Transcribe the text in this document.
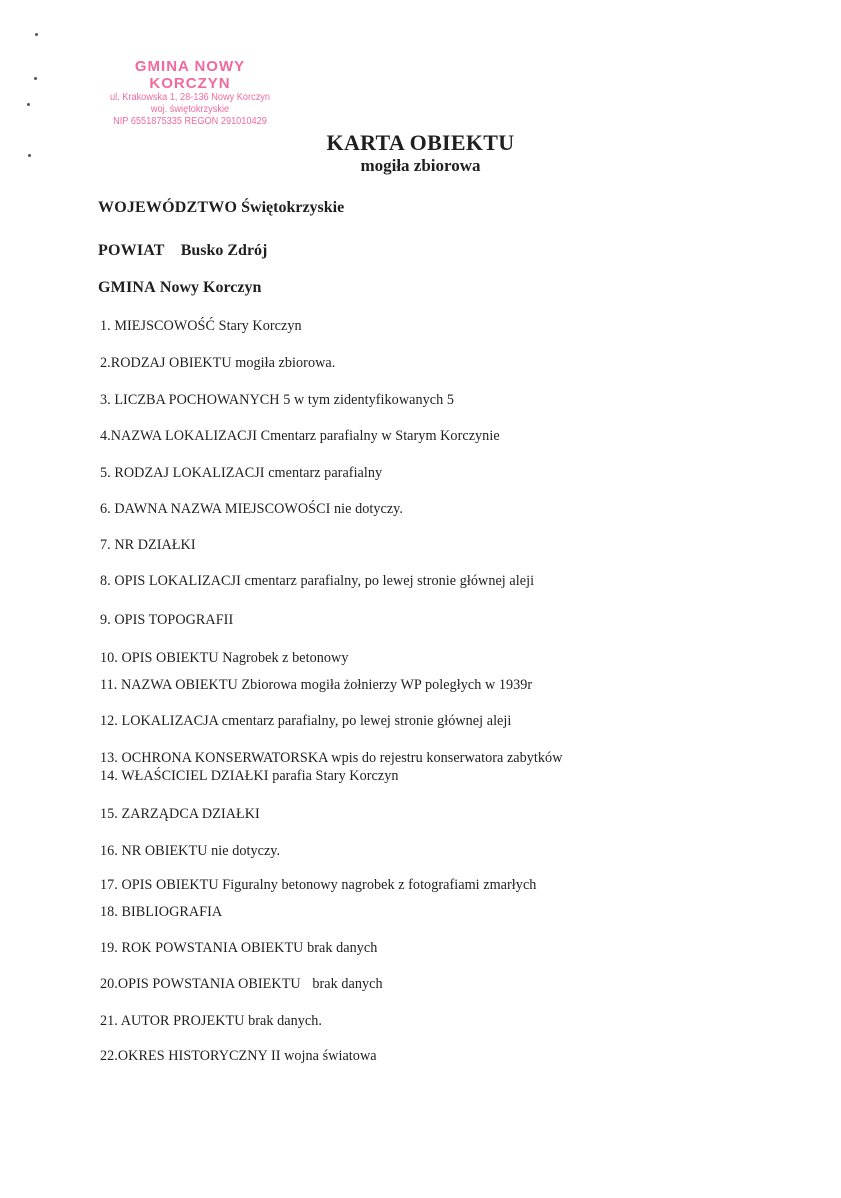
GMINA NOWY KORCZYN
ul. Krakowska 1, 28-136 Nowy Korczyn
woj. świętokrzyskie
NIP 6551875335 REGON 291010429
KARTA OBIEKTU
mogiła zbiorowa
WOJEWÓDZTWO Świętokrzyskie
POWIAT Busko Zdrój
GMINA Nowy Korczyn
1. MIEJSCOWOŚĆ Stary Korczyn
2.RODZAJ OBIEKTU mogiła zbiorowa.
3. LICZBA POCHOWANYCH 5 w tym zidentyfikowanych 5
4.NAZWA LOKALIZACJI Cmentarz parafialny w Starym Korczynie
5. RODZAJ LOKALIZACJI cmentarz parafialny
6. DAWNA NAZWA MIEJSCOWOŚCI nie dotyczy.
7. NR DZIAŁKI
8. OPIS LOKALIZACJI cmentarz parafialny, po lewej stronie głównej aleji
9. OPIS TOPOGRAFII
10. OPIS OBIEKTU Nagrobek z betonowy
11. NAZWA OBIEKTU Zbiorowa mogiła żołnierzy WP poległych w 1939r
12. LOKALIZACJA cmentarz parafialny, po lewej stronie głównej aleji
13. OCHRONA KONSERWATORSKA wpis do rejestru konserwatora zabytków
14. WŁAŚCICIEL DZIAŁKI parafia Stary Korczyn
15. ZARZĄDCA DZIAŁKI
16. NR OBIEKTU nie dotyczy.
17. OPIS OBIEKTU Figuralny betonowy nagrobek z fotografiami zmarłych
18. BIBLIOGRAFIA
19. ROK POWSTANIA OBIEKTU brak danych
20.OPIS POWSTANIA OBIEKTU brak danych
21. AUTOR PROJEKTU brak danych.
22.OKRES HISTORYCZNY II wojna światowa
